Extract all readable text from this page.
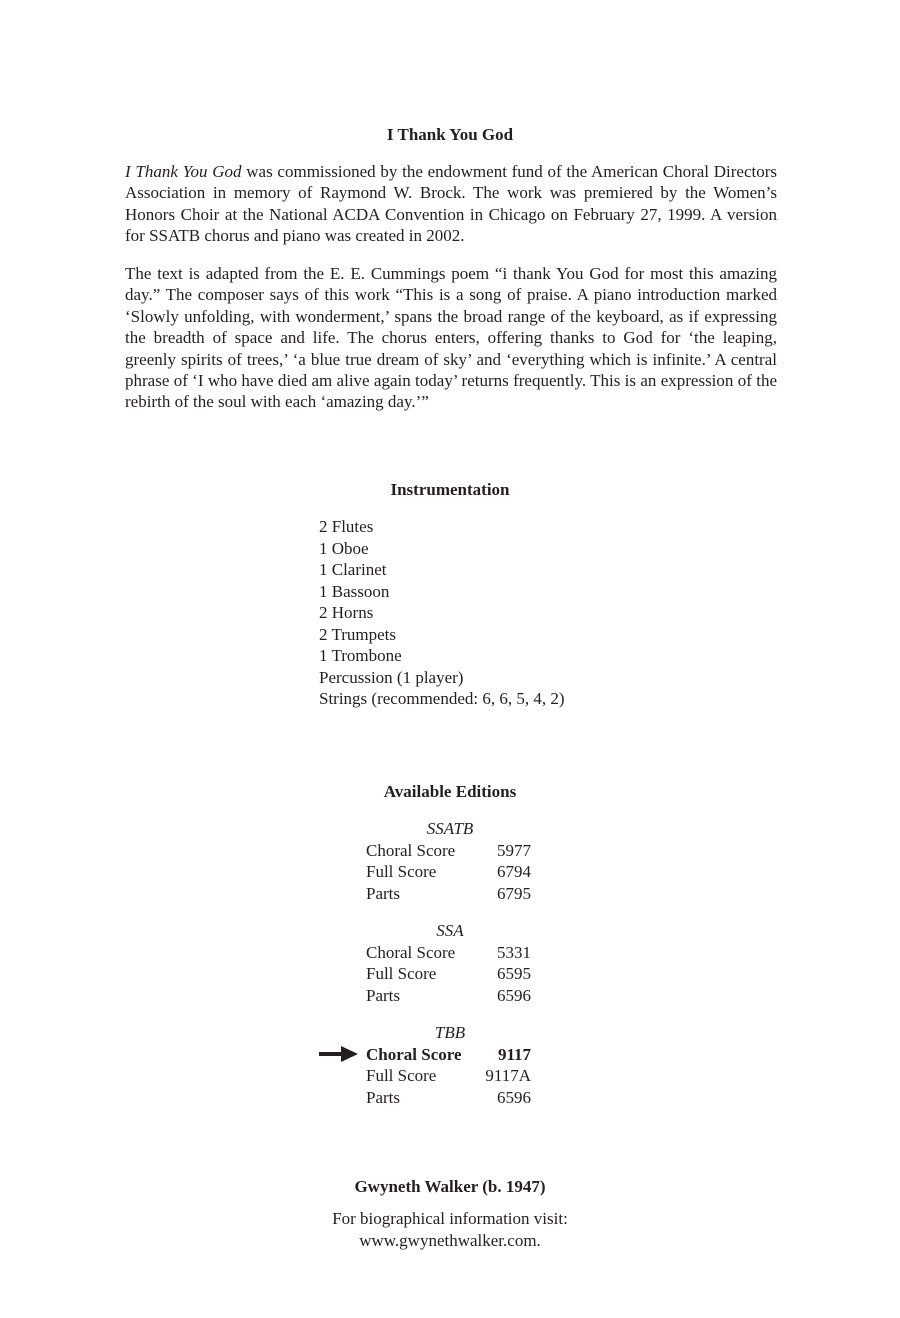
I Thank You God

I Thank You God was commissioned by the endowment fund of the American Choral Directors Association in memory of Raymond W. Brock. The work was premiered by the Women’s Honors Choir at the National ACDA Convention in Chicago on February 27, 1999. A version for SSATB chorus and piano was created in 2002.

The text is adapted from the E. E. Cummings poem “i thank You God for most this amazing day.” The composer says of this work “This is a song of praise. A piano introduction marked ‘Slowly unfolding, with wonderment,’ spans the broad range of the keyboard, as if expressing the breadth of space and life. The chorus enters, offering thanks to God for ‘the leaping, greenly spirits of trees,’ ‘a blue true dream of sky’ and ‘everything which is infinite.’ A central phrase of ‘I who have died am alive again today’ returns frequently. This is an expression of the rebirth of the soul with each ‘amazing day.’”

Instrumentation
2 Flutes
1 Oboe
1 Clarinet
1 Bassoon
2 Horns
2 Trumpets
1 Trombone
Percussion (1 player)
Strings (recommended: 6, 6, 5, 4, 2)
Available Editions
SSATB
Choral Score 5977
Full Score	6794
Parts	6795
SSA
Choral Score 5331
Full Score	6595
Parts	6596
TBB
Choral Score 9117
Full Score	9117A
Parts	6596
Gwyneth Walker (b. 1947)
For biographical information visit:
www.gwynethwalker.com.
